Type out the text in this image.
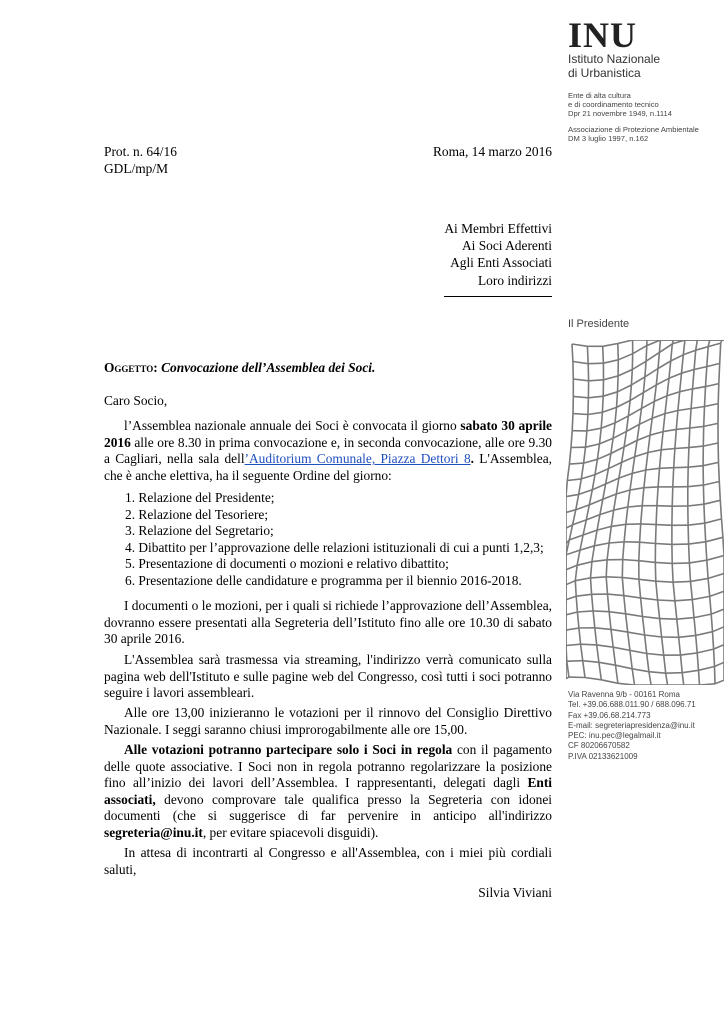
INU
Istituto Nazionale
di Urbanistica
Ente di alta cultura
e di coordinamento tecnico
Dpr 21 novembre 1949, n.1114
Associazione di Protezione Ambientale
DM 3 luglio 1997, n.162
Il Presidente
Via Ravenna 9/b - 00161 Roma
Tel. +39.06.688.011.90 / 688.096.71
Fax +39.06.68.214.773
E-mail: segreteriapresidenza@inu.it
PEC: inu.pec@legalmail.it
CF 80206670582
P.IVA 02133621009
Prot. n. 64/16
GDL/mp/M
Roma, 14 marzo 2016
Ai Membri Effettivi
Ai Soci Aderenti
Agli Enti Associati
Loro indirizzi
Oggetto: Convocazione dell’Assemblea dei Soci.
Caro Socio,
l’Assemblea nazionale annuale dei Soci è convocata il giorno sabato 30 aprile 2016 alle ore 8.30 in prima convocazione e, in seconda convocazione, alle ore 9.30 a Cagliari, nella sala dell’Auditorium Comunale, Piazza Dettori 8. L'Assemblea, che è anche elettiva, ha il seguente Ordine del giorno:
1. Relazione del Presidente;
2. Relazione del Tesoriere;
3. Relazione del Segretario;
4. Dibattito per l’approvazione delle relazioni istituzionali di cui a punti 1,2,3;
5. Presentazione di documenti o mozioni e relativo dibattito;
6. Presentazione delle candidature e programma per il biennio 2016-2018.
I documenti o le mozioni, per i quali si richiede l’approvazione dell’Assemblea, dovranno essere presentati alla Segreteria dell’Istituto fino alle ore 10.30 di sabato 30 aprile 2016.
L'Assemblea sarà trasmessa via streaming, l'indirizzo verrà comunicato sulla pagina web dell'Istituto e sulle pagine web del Congresso, così tutti i soci potranno seguire i lavori assembleari.
Alle ore 13,00 inizieranno le votazioni per il rinnovo del Consiglio Direttivo Nazionale. I seggi saranno chiusi improrogabilmente alle ore 15,00.
Alle votazioni potranno partecipare solo i Soci in regola con il pagamento delle quote associative. I Soci non in regola potranno regolarizzare la posizione fino all’inizio dei lavori dell’Assemblea. I rappresentanti, delegati dagli Enti associati, devono comprovare tale qualifica presso la Segreteria con idonei documenti (che si suggerisce di far pervenire in anticipo all'indirizzo segreteria@inu.it, per evitare spiacevoli disguidi).
In attesa di incontrarti al Congresso e all'Assemblea, con i miei più cordiali saluti,
Silvia Viviani
